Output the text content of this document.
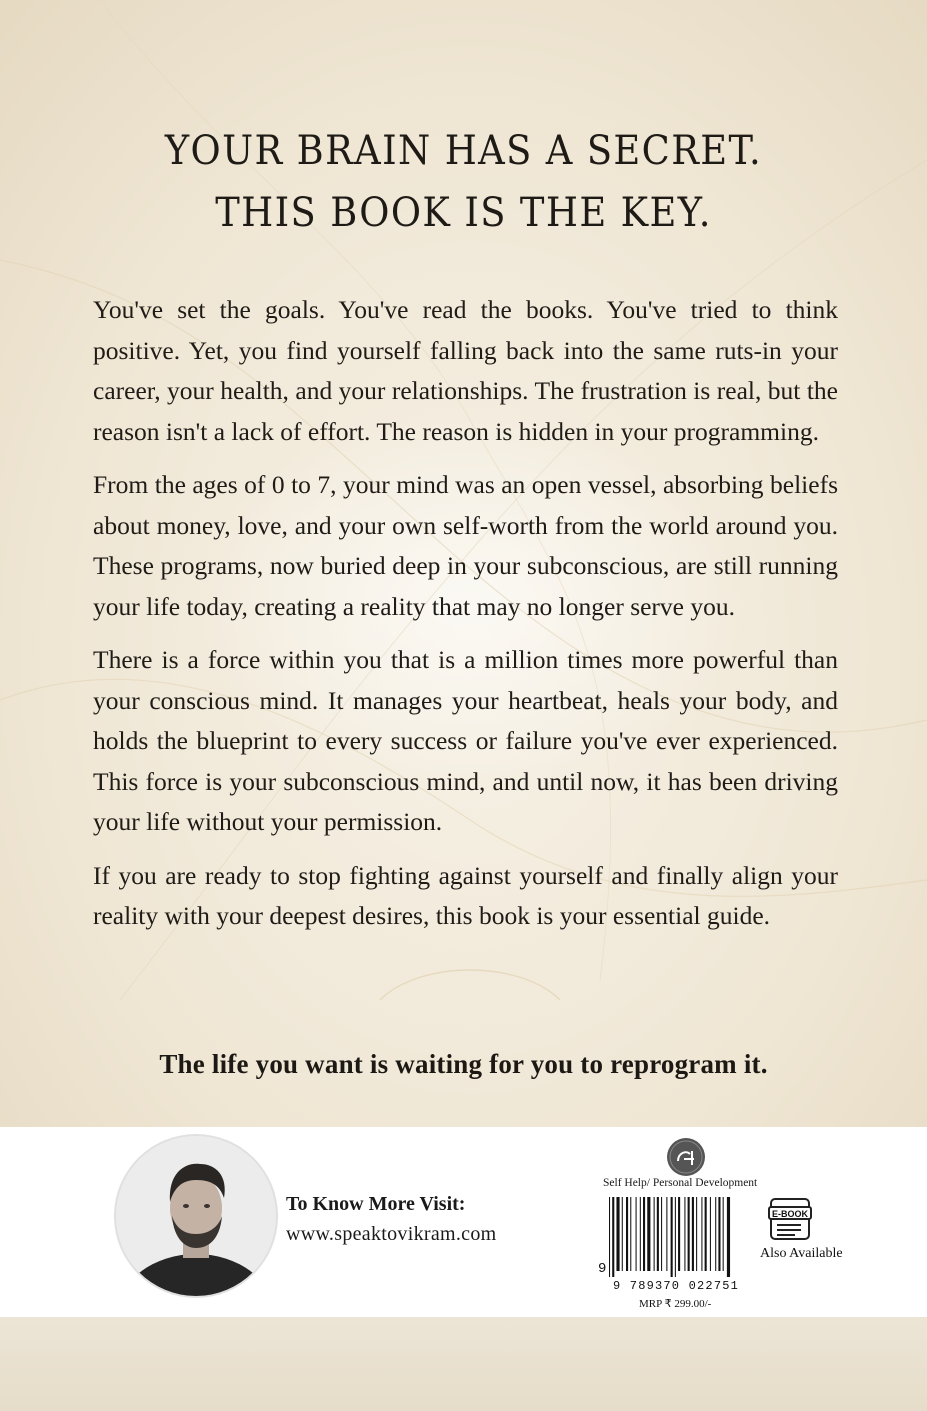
YOUR BRAIN HAS A SECRET.
THIS BOOK IS THE KEY.

You've set the goals. You've read the books. You've tried to think positive. Yet, you find yourself falling back into the same ruts-in your career, your health, and your relationships. The frustration is real, but the reason isn't a lack of effort. The reason is hidden in your programming.

From the ages of 0 to 7, your mind was an open vessel, absorbing beliefs about money, love, and your own self-worth from the world around you. These programs, now buried deep in your subconscious, are still running your life today, creating a reality that may no longer serve you.

There is a force within you that is a million times more powerful than your conscious mind. It manages your heartbeat, heals your body, and holds the blueprint to every success or failure you've ever experienced. This force is your subconscious mind, and until now, it has been driving your life without your permission.

If you are ready to stop fighting against yourself and finally align your reality with your deepest desires, this book is your essential guide.

The life you want is waiting for you to reprogram it.
To Know More Visit:
www.speaktovikram.com
Self Help/ Personal Development
9
9 789370 022751
MRP ₹ 299.00/-
E-BOOK
Also Available
